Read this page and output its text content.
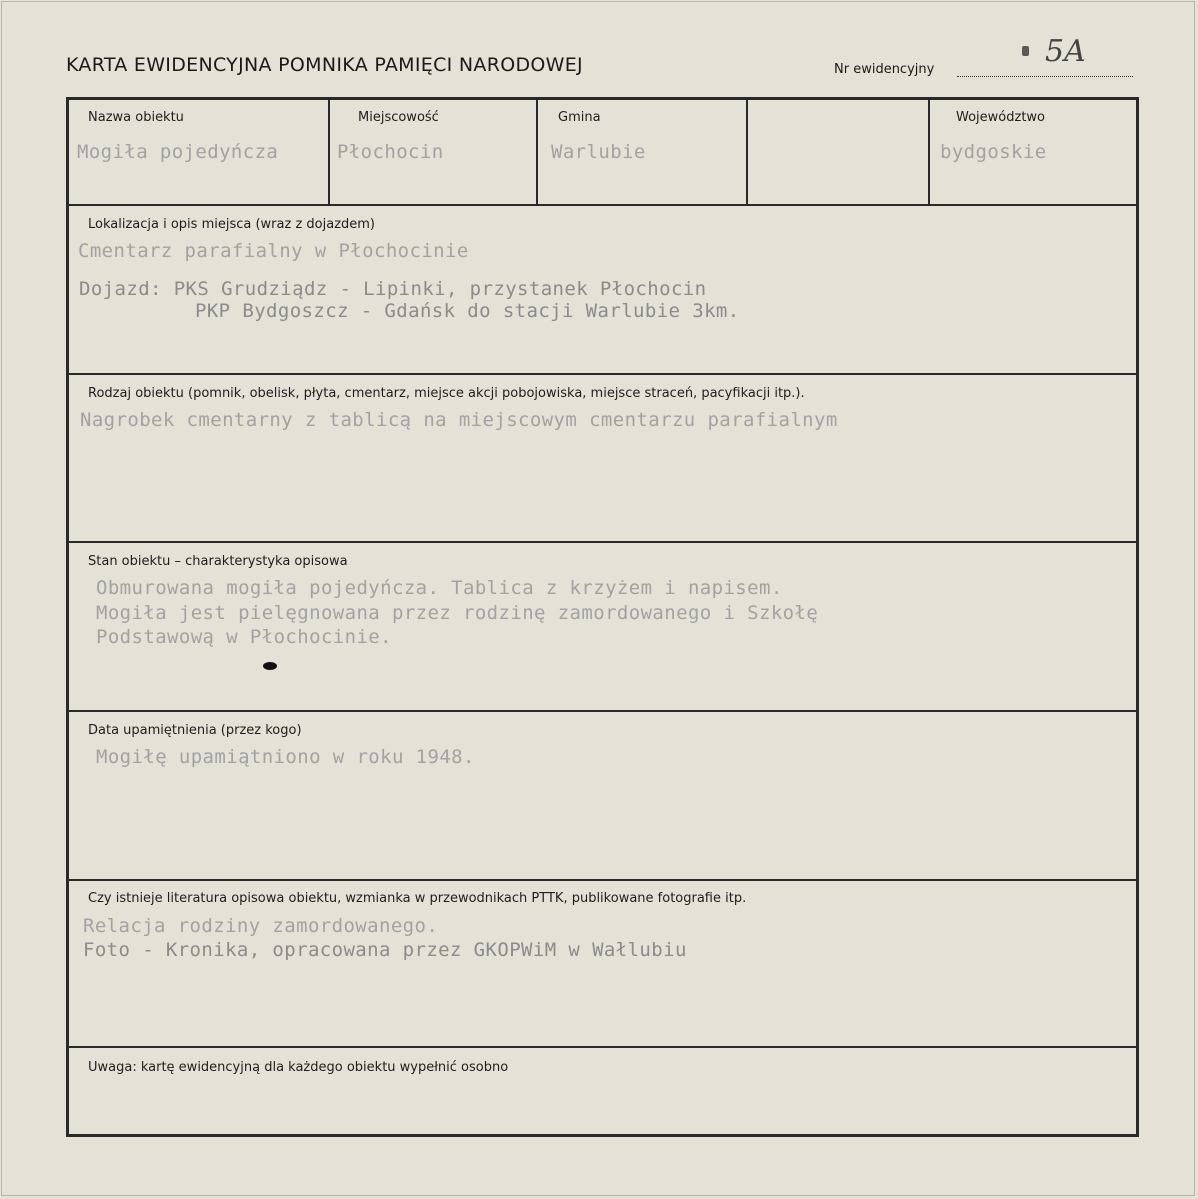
KARTA EWIDENCYJNA POMNIKA PAMIĘCI NARODOWEJ	Nr ewidencyjny
5A
Nazwa obiektu
Mogiła pojedyńcza
Miejscowość
Płochocin
Gmina
Warlubie
Województwo
bydgoskie
Lokalizacja i opis miejsca (wraz z dojazdem)
Cmentarz parafialny w Płochocinie
Dojazd: PKS Grudziądz - Lipinki, przystanek Płochocin
PKP Bydgoszcz - Gdańsk do stacji Warlubie 3km.
Rodzaj obiektu (pomnik, obelisk, płyta, cmentarz, miejsce akcji pobojowiska, miejsce straceń, pacyfikacji itp.).
Nagrobek cmentarny z tablicą na miejscowym cmentarzu parafialnym
Stan obiektu – charakterystyka opisowa
Obmurowana mogiła pojedyńcza. Tablica z krzyżem i napisem.
Mogiła jest pielęgnowana przez rodzinę zamordowanego i Szkołę
Podstawową w Płochocinie.
Data upamiętnienia (przez kogo)
Mogiłę upamiątniono w roku 1948.
Czy istnieje literatura opisowa obiektu, wzmianka w przewodnikach PTTK, publikowane fotografie itp.
Relacja rodziny zamordowanego.
Foto - Kronika, opracowana przez GKOPWiM w Wałlubiu
Uwaga: kartę ewidencyjną dla każdego obiektu wypełnić osobno
